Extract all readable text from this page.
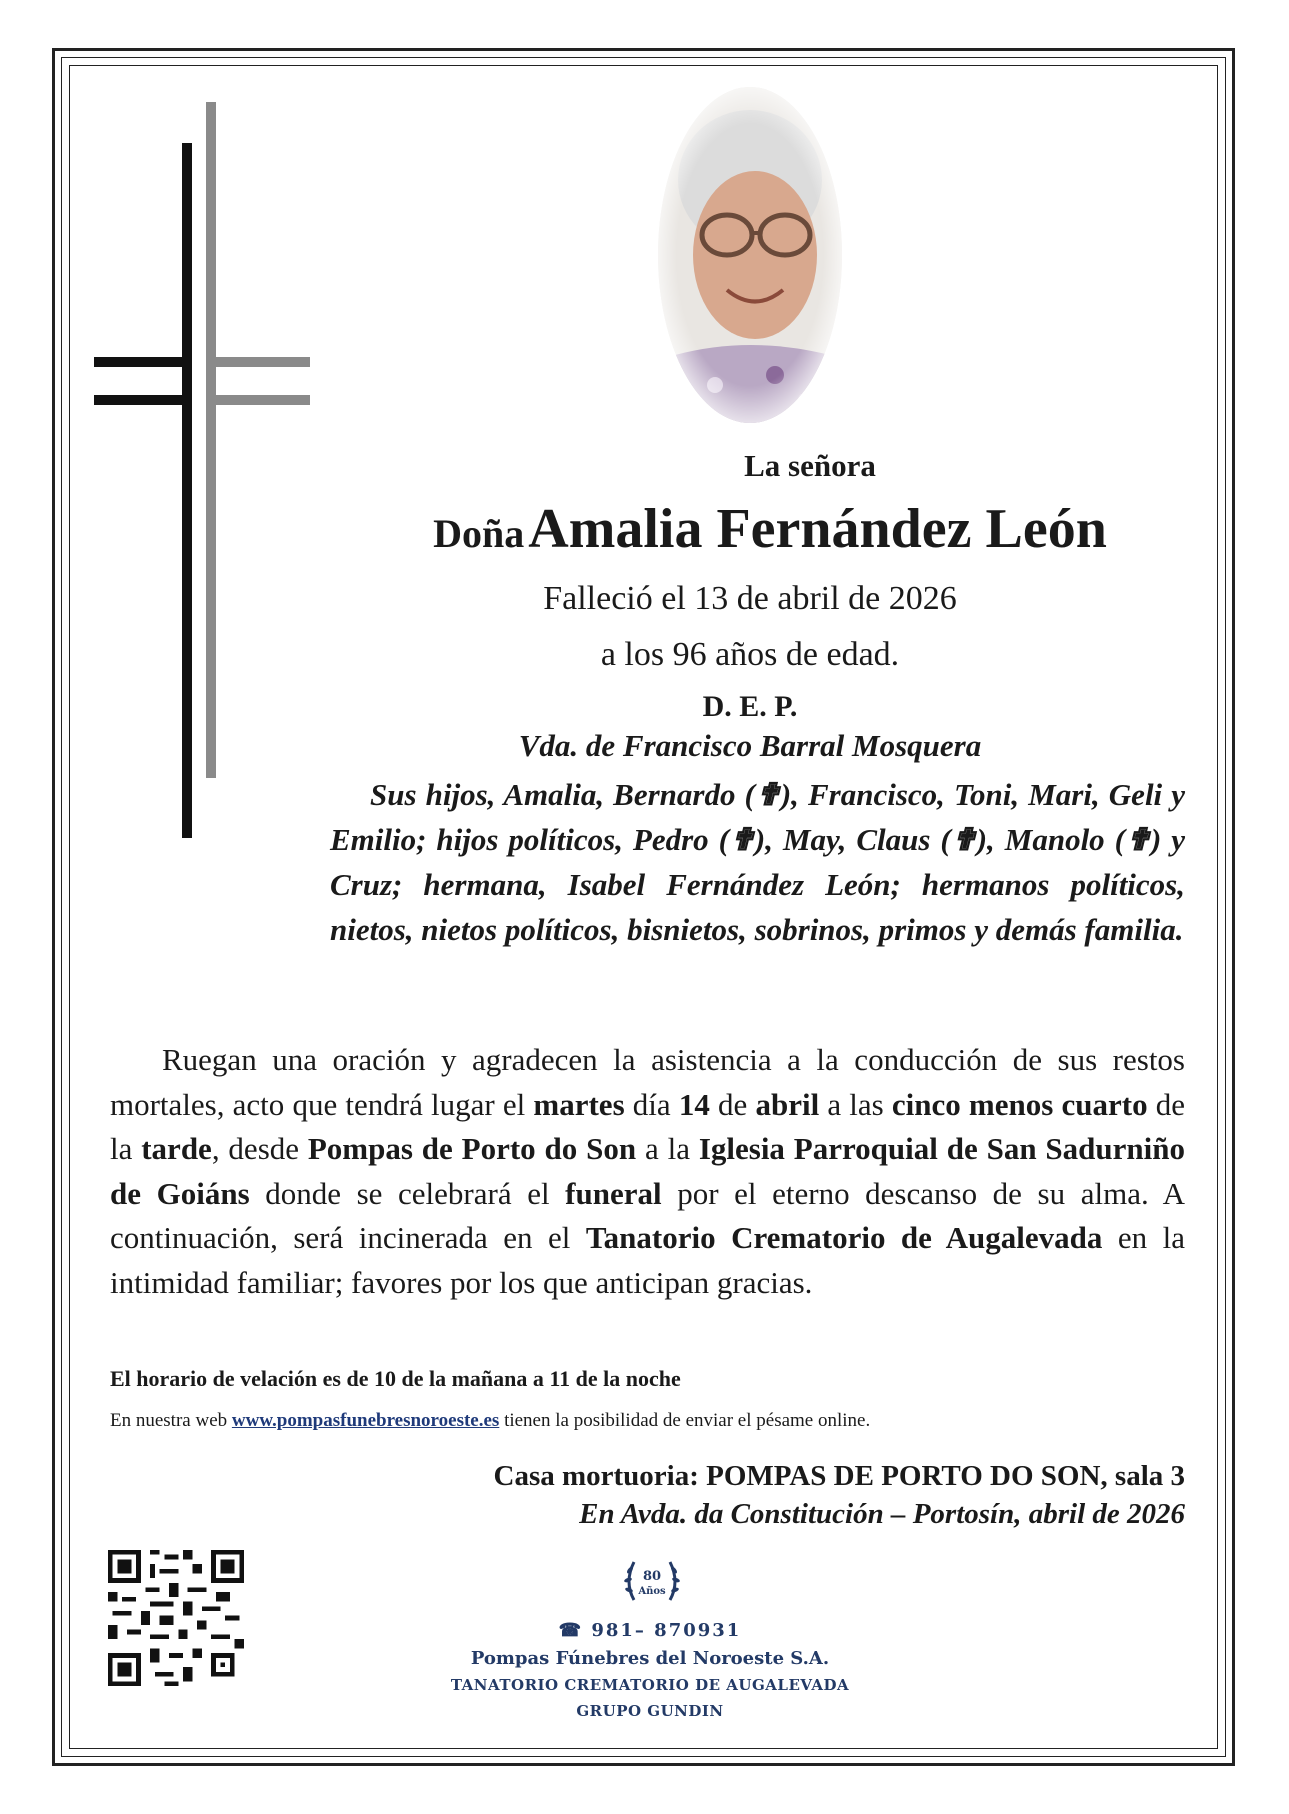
La señora
Doña Amalia Fernández León
Falleció el 13 de abril de 2026
a los 96 años de edad.
D. E. P.
Vda. de Francisco Barral Mosquera
Sus hijos, Amalia, Bernardo (✟), Francisco, Toni, Mari, Geli y Emilio; hijos políticos, Pedro (✟), May, Claus (✟), Manolo (✟) y Cruz; hermana, Isabel Fernández León; hermanos políticos, nietos, nietos políticos, bisnietos, sobrinos, primos y demás familia.
Ruegan una oración y agradecen la asistencia a la conducción de sus restos mortales, acto que tendrá lugar el martes día 14 de abril a las cinco menos cuarto de la tarde, desde Pompas de Porto do Son a la Iglesia Parroquial de San Sadurniño de Goiáns donde se celebrará el funeral por el eterno descanso de su alma. A continuación, será incinerada en el Tanatorio Crematorio de Augalevada en la intimidad familiar; favores por los que anticipan gracias.
El horario de velación es de 10 de la mañana a 11 de la noche
En nuestra web www.pompasfunebresnoroeste.es tienen la posibilidad de enviar el pésame online.
Casa mortuoria: POMPAS DE PORTO DO SON, sala 3
En Avda. da Constitución – Portosín, abril de 2026
80
Años
☎ 981– 870931
Pompas Fúnebres del Noroeste S.A.
TANATORIO CREMATORIO DE AUGALEVADA
GRUPO GUNDIN
